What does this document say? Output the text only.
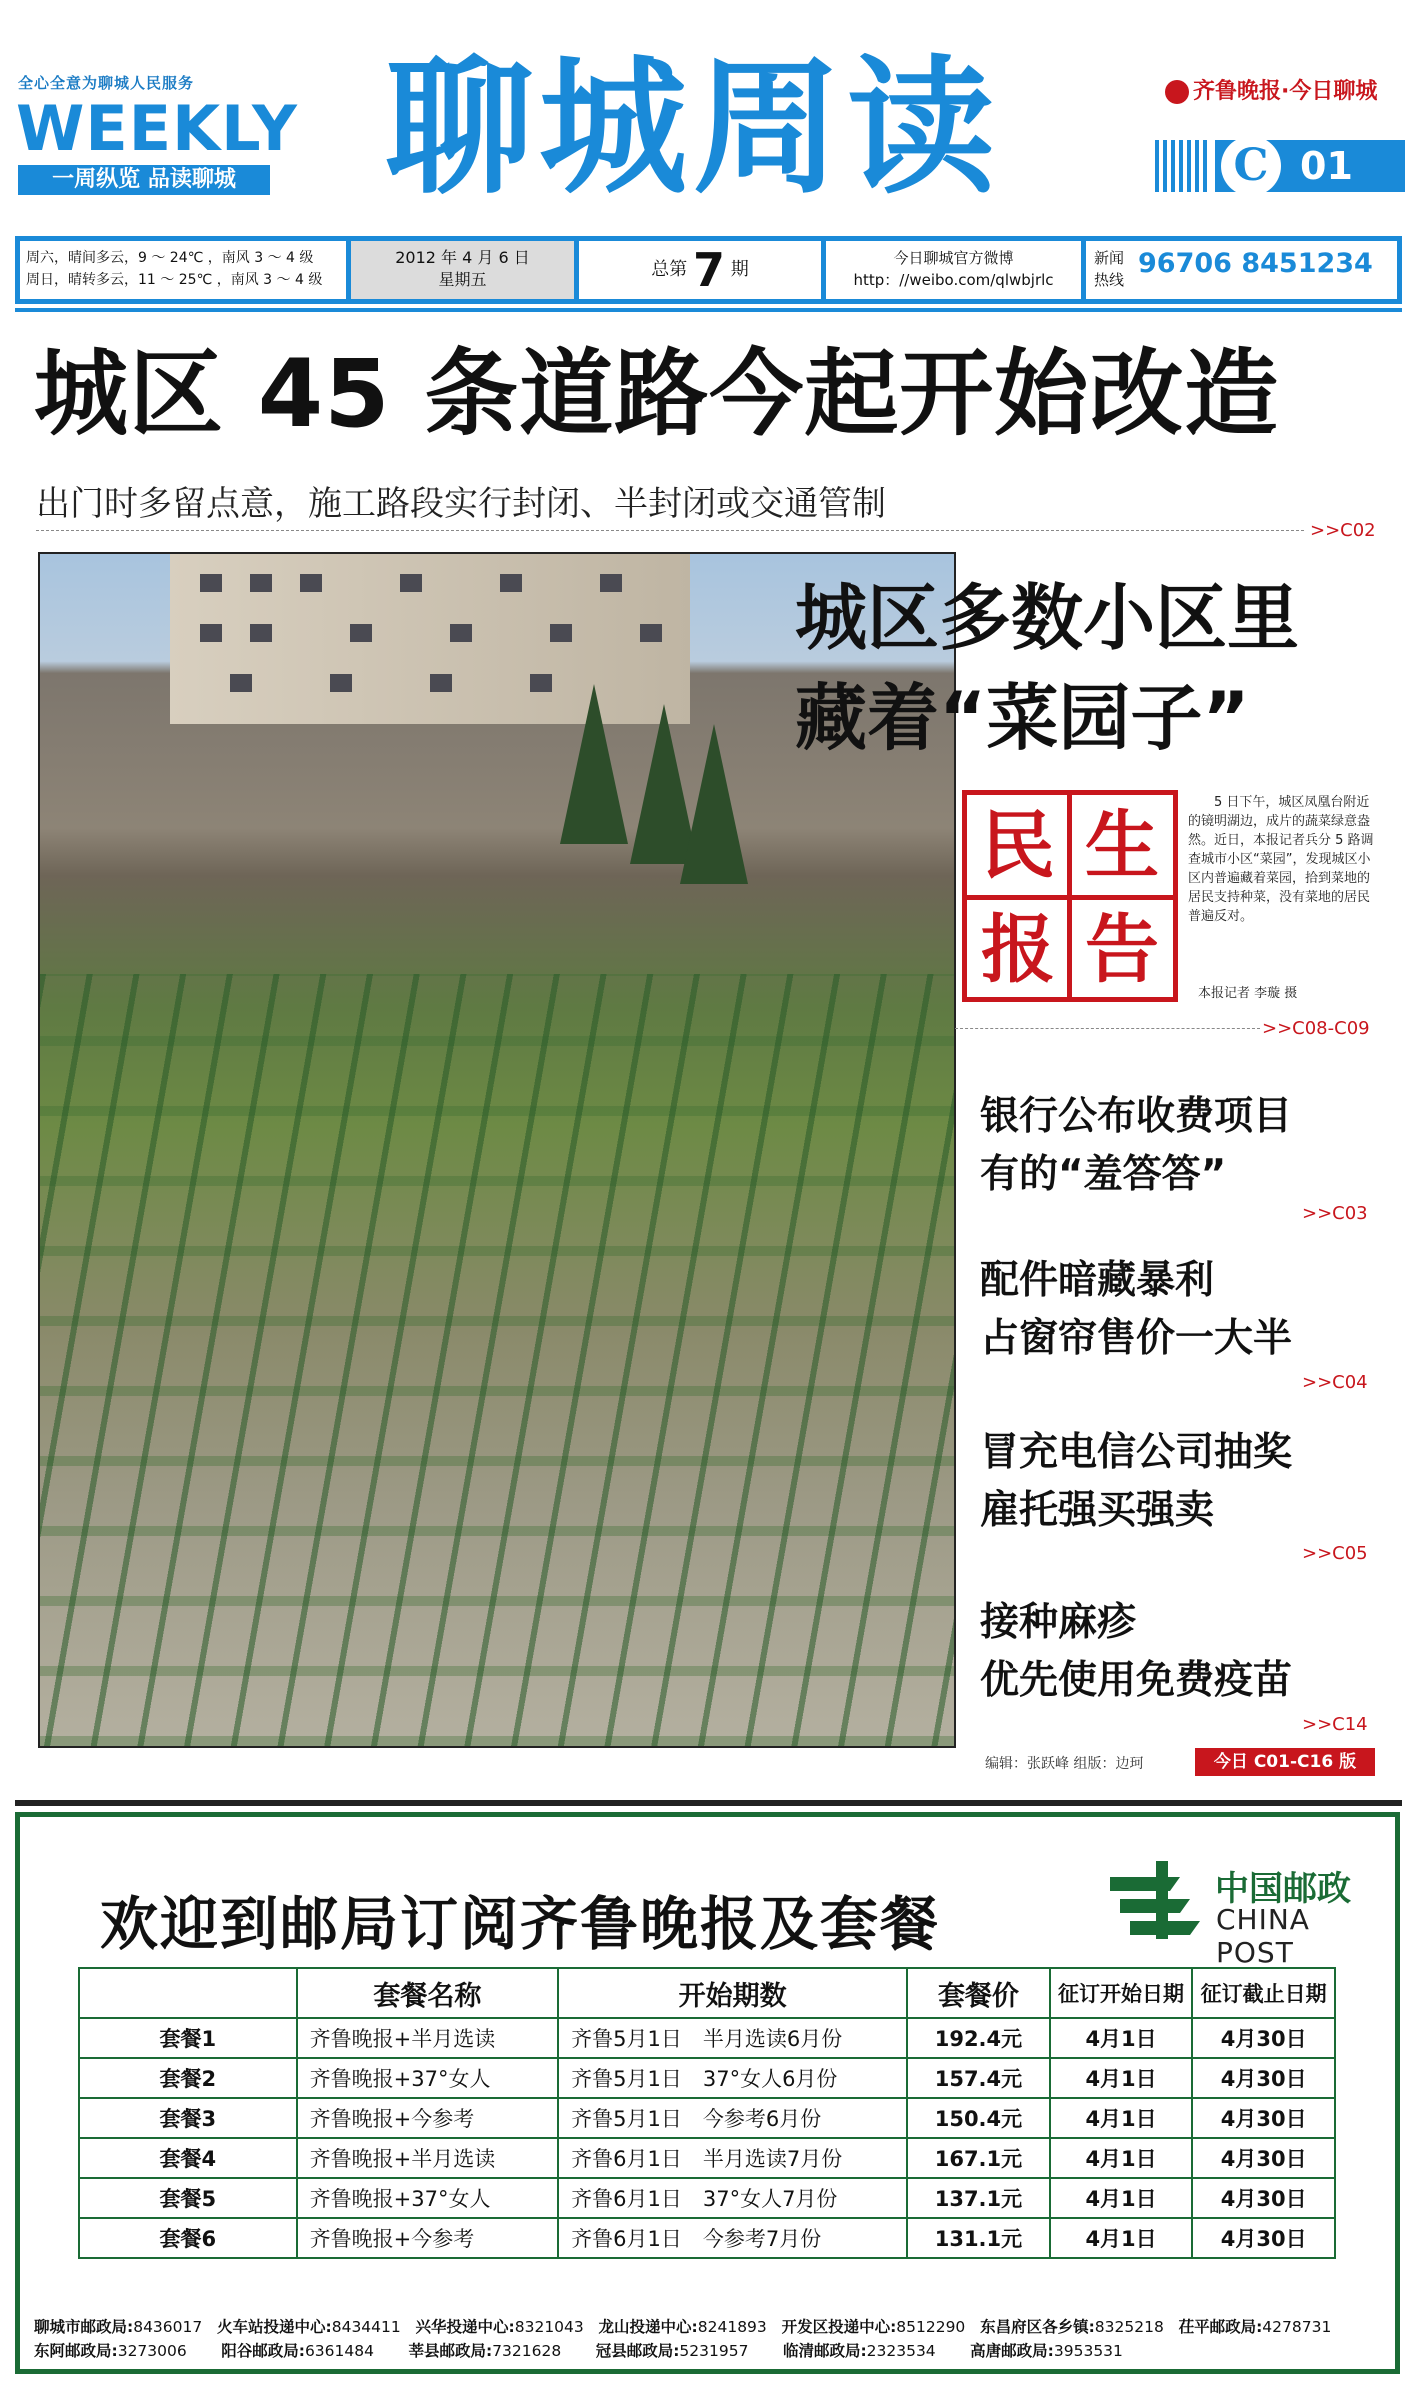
全心全意为聊城人民服务
WEEKLY
一周纵览 品读聊城 聊城周读	齐鲁晚报·今日聊城
C 01
周六，晴间多云，9 ～ 24℃ ，南风 3 ～ 4 级
周日，晴转多云，11 ～ 25℃ ，南风 3 ～ 4 级
2012 年 4 月 6 日
星期五	总第 7 期
今日聊城官方微博
http：//weibo.com/qlwbjrlc
新闻
热线
96706 8451234
城区 45 条道路今起开始改造
出门时多留点意，施工路段实行封闭、半封闭或交通管制
>>C02
城区多数小区里
藏着“菜园子”
民 生
报 告
5 日下午，城区凤凰台附近的镜明湖边，成片的蔬菜绿意盎然。近日，本报记者兵分 5 路调查城市小区“菜园”，发现城区小区内普遍藏着菜园，拾到菜地的居民支持种菜，没有菜地的居民普遍反对。
本报记者 李璇 摄
>>C08-C09
银行公布收费项目
有的“羞答答”
>>C03
配件暗藏暴利
占窗帘售价一大半
>>C04
冒充电信公司抽奖
雇托强买强卖
>>C05
接种麻疹
优先使用免费疫苗
>>C14
编辑：张跃峰 组版：边珂	今日 C01-C16 版
欢迎到邮局订阅齐鲁晚报及套餐
中国邮政
CHINA POST
	套餐名称	开始期数	套餐价	征订开始日期	征订截止日期
套餐1	齐鲁晚报+半月选读	齐鲁5月1日　半月选读6月份	192.4元	4月1日	4月30日
套餐2	齐鲁晚报+37°女人	齐鲁5月1日　37°女人6月份	157.4元	4月1日	4月30日
套餐3	齐鲁晚报+今参考	齐鲁5月1日　今参考6月份	150.4元	4月1日	4月30日
套餐4	齐鲁晚报+半月选读	齐鲁6月1日　半月选读7月份	167.1元	4月1日	4月30日
套餐5	齐鲁晚报+37°女人	齐鲁6月1日　37°女人7月份	137.1元	4月1日	4月30日
套餐6	齐鲁晚报+今参考	齐鲁6月1日　今参考7月份	131.1元	4月1日	4月30日
聊城市邮政局:8436017 火车站投递中心:8434411 兴华投递中心:8321043 龙山投递中心:8241893 开发区投递中心:8512290 东昌府区各乡镇:8325218 茌平邮政局:4278731
东阿邮政局:3273006 阳谷邮政局:6361484 莘县邮政局:7321628 冠县邮政局:5231957 临清邮政局:2323534 高唐邮政局:3953531
